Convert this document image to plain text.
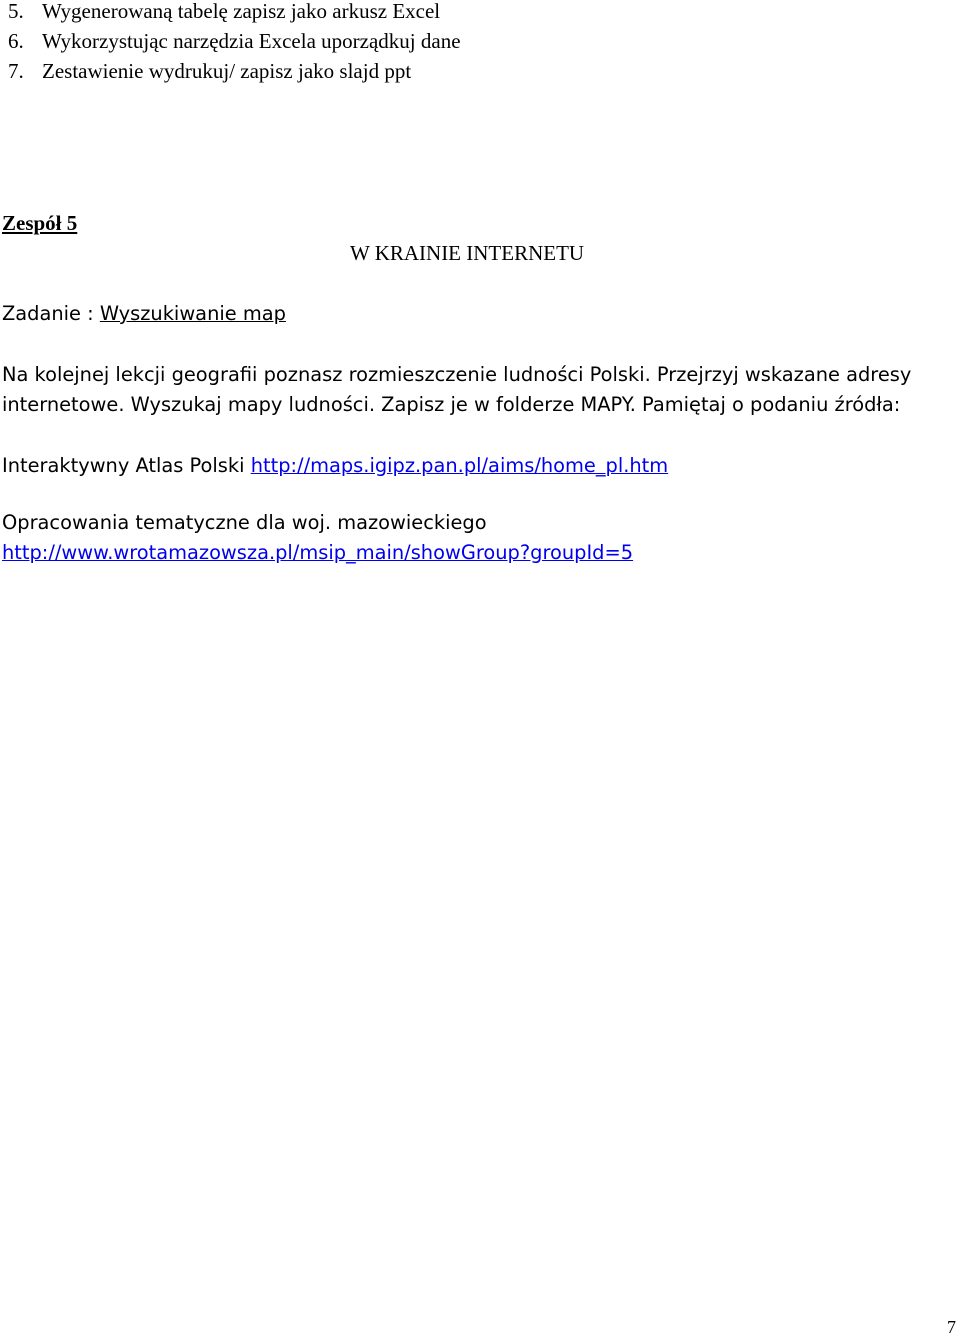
5. Wygenerowaną tabelę zapisz jako arkusz Excel
6. Wykorzystując narzędzia Excela uporządkuj dane
7. Zestawienie wydrukuj/ zapisz jako slajd ppt
Zespół 5
W KRAINIE INTERNETU
Zadanie : Wyszukiwanie map
Na kolejnej lekcji geografii poznasz rozmieszczenie ludności Polski. Przejrzyj wskazane adresy
internetowe. Wyszukaj mapy ludności. Zapisz je w folderze MAPY. Pamiętaj o podaniu źródła:
Interaktywny Atlas Polski http://maps.igipz.pan.pl/aims/home_pl.htm
Opracowania tematyczne dla woj. mazowieckiego
http://www.wrotamazowsza.pl/msip_main/showGroup?groupId=5
7
